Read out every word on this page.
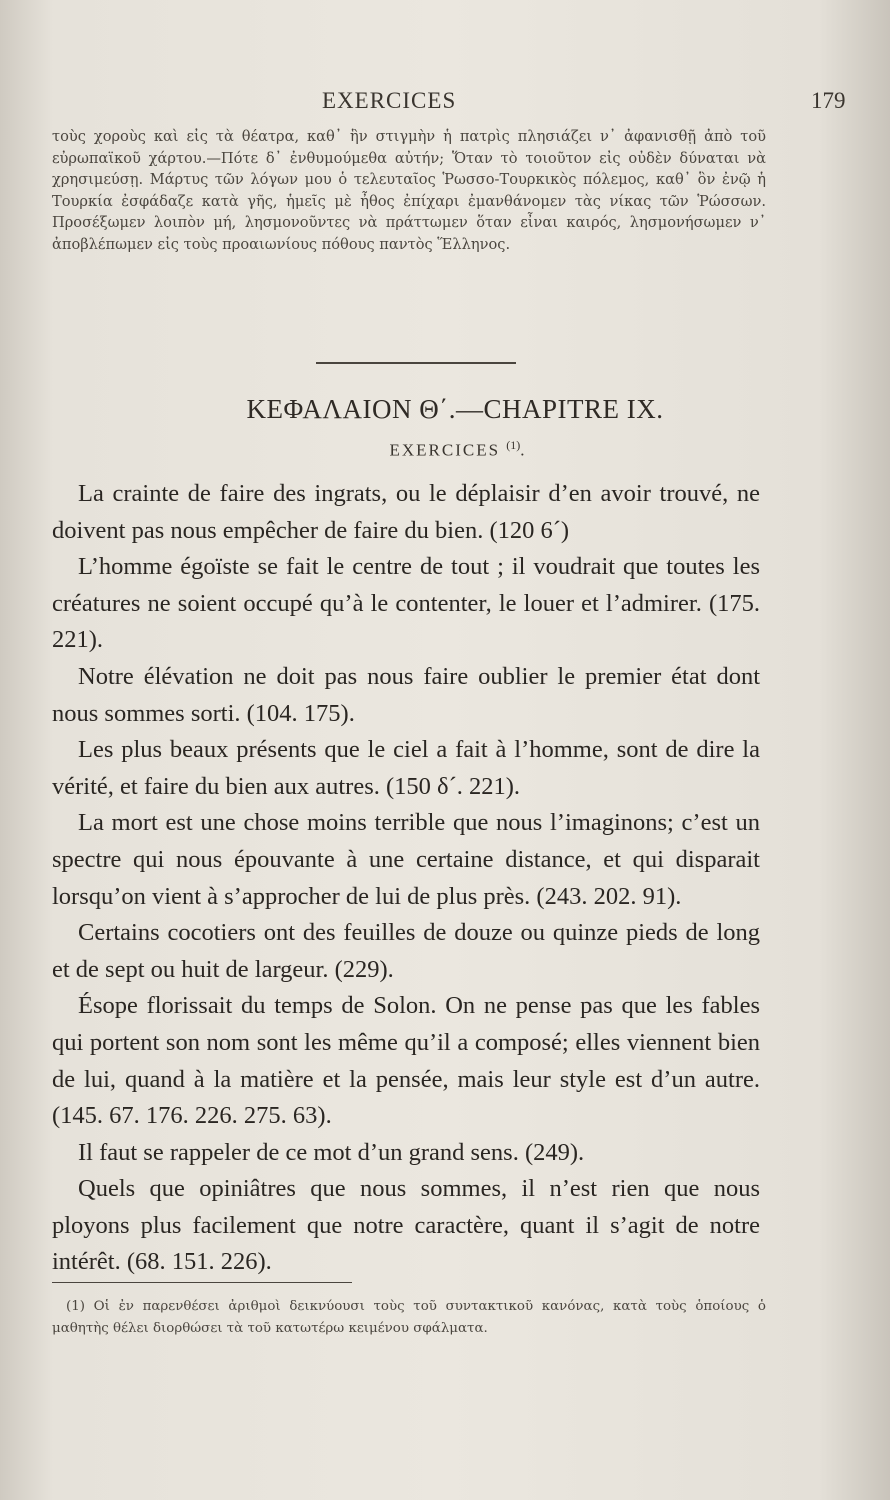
EXERCICES	179

τοὺς χοροὺς καὶ εἰς τὰ θέατρα, καθ᾽ ἣν στιγμὴν ἡ πατρὶς πλησιάζει ν᾽ ἀφανισθῇ ἀπὸ τοῦ εὐρωπαϊκοῦ χάρτου.—Πότε δ᾽ ἐνθυμούμεθα αὐτήν; Ὅταν τὸ τοιοῦτον εἰς οὐδὲν δύναται νὰ χρησιμεύσῃ. Μάρτυς τῶν λόγων μου ὁ τελευταῖος Ῥωσσο-Τουρκικὸς πόλεμος, καθ᾽ ὃν ἐνῷ ἡ Τουρκία ἐσφάδαζε κατὰ γῆς, ἡμεῖς μὲ ἦθος ἐπίχαρι ἐμανθάνομεν τὰς νίκας τῶν Ῥώσσων. Προσέξωμεν λοιπὸν μή, λησμονοῦντες νὰ πράττωμεν ὅταν εἶναι καιρός, λησμονήσωμεν ν᾽ ἀποβλέπωμεν εἰς τοὺς προαιωνίους πόθους παντὸς Ἕλληνος.

ΚΕΦΑΛΑΙΟΝ Θ΄.—CHAPITRE IX.
EXERCICES $^{(1)}$.

La crainte de faire des ingrats, ou le déplaisir d’en avoir trouvé, ne doivent pas nous empêcher de faire du bien. (120 6´)

L’homme égoïste se fait le centre de tout ; il voudrait que toutes les créatures ne soient occupé qu’à le contenter, le louer et l’admirer. (175. 221).

Notre élévation ne doit pas nous faire oublier le premier état dont nous sommes sorti. (104. 175).

Les plus beaux présents que le ciel a fait à l’homme, sont de dire la vérité, et faire du bien aux autres. (150 δ´. 221).

La mort est une chose moins terrible que nous l’imaginons; c’est un spectre qui nous épouvante à une certaine distance, et qui disparait lorsqu’on vient à s’approcher de lui de plus près. (243. 202. 91).

Certains cocotiers ont des feuilles de douze ou quinze pieds de long et de sept ou huit de largeur. (229).

Ésope florissait du temps de Solon. On ne pense pas que les fables qui portent son nom sont les même qu’il a composé; elles viennent bien de lui, quand à la matière et la pensée, mais leur style est d’un autre. (145. 67. 176. 226. 275. 63).

Il faut se rappeler de ce mot d’un grand sens. (249).

Quels que opiniâtres que nous sommes, il n’est rien que nous ployons plus facilement que notre caractère, quant il s’agit de notre intérêt. (68. 151. 226).

(1) Οἱ ἐν παρενθέσει ἀριθμοὶ δεικνύουσι τοὺς τοῦ συντακτικοῦ κανόνας, κατὰ τοὺς ὁποίους ὁ μαθητὴς θέλει διορθώσει τὰ τοῦ κατωτέρω κειμένου σφάλματα.
